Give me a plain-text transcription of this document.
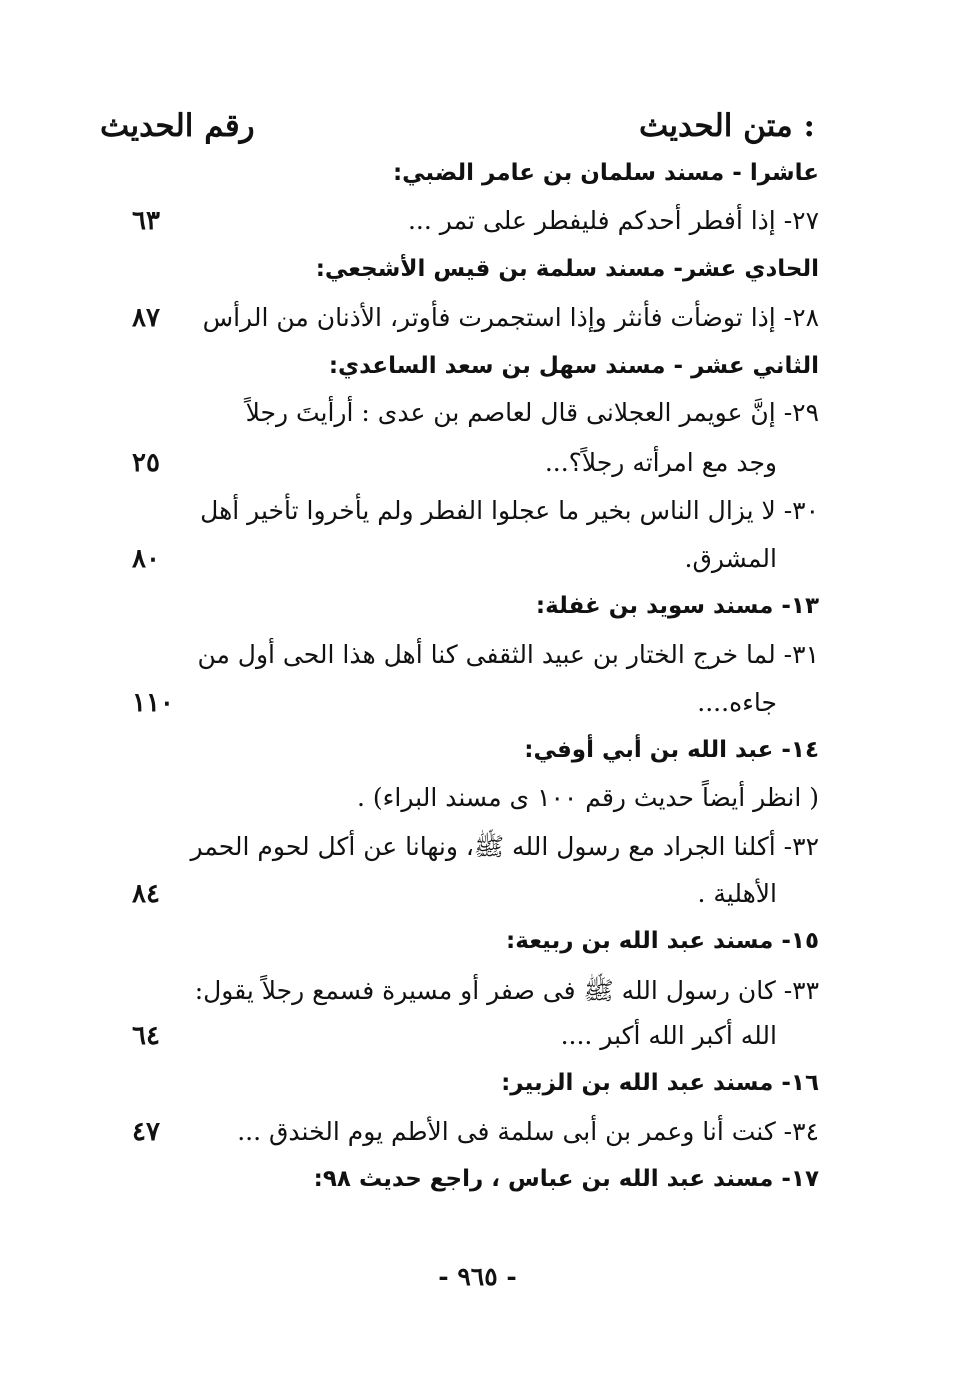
متن الحديث :
رقم الحديث
عاشرا - مسند سلمان بن عامر الضبي:
٢٧- إذا أفطر أحدكم فليفطر على تمر ...
الحادي عشر- مسند سلمة بن قيس الأشجعي:
٢٨- إذا توضأت فأنثر وإذا استجمرت فأوتر، الأذنان من الرأس
الثاني عشر - مسند سهل بن سعد الساعدي:
٢٩- إنَّ عويمر العجلانى قال لعاصم بن عدى : أرأيتَ رجلاً
وجد مع امرأته رجلاً؟...
٣٠- لا يزال الناس بخير ما عجلوا الفطر ولم يأخروا تأخير أهل
المشرق.
١٣- مسند سويد بن غفلة:
٣١- لما خرج الختار بن عبيد الثقفى كنا أهل هذا الحى أول من
جاءه....
١٤- عبد الله بن أبي أوفي:
( انظر أيضاً حديث رقم ١٠٠ ى مسند البراء) .
٣٢- أكلنا الجراد مع رسول الله ﷺ، ونهانا عن أكل لحوم الحمر
الأهلية .
١٥- مسند عبد الله بن ربيعة:
٣٣- كان رسول الله ﷺ فى صفر أو مسيرة فسمع رجلاً يقول:
الله أكبر الله أكبر ....
١٦- مسند عبد الله بن الزبير:
٣٤- كنت أنا وعمر بن أبى سلمة فى الأطم يوم الخندق ...
١٧- مسند عبد الله بن عباس ، راجع حديث ٩٨:
٦٣
٨٧
٢٥
٨٠
١١٠
٨٤
٦٤
٤٧
- ٩٦٥ -
